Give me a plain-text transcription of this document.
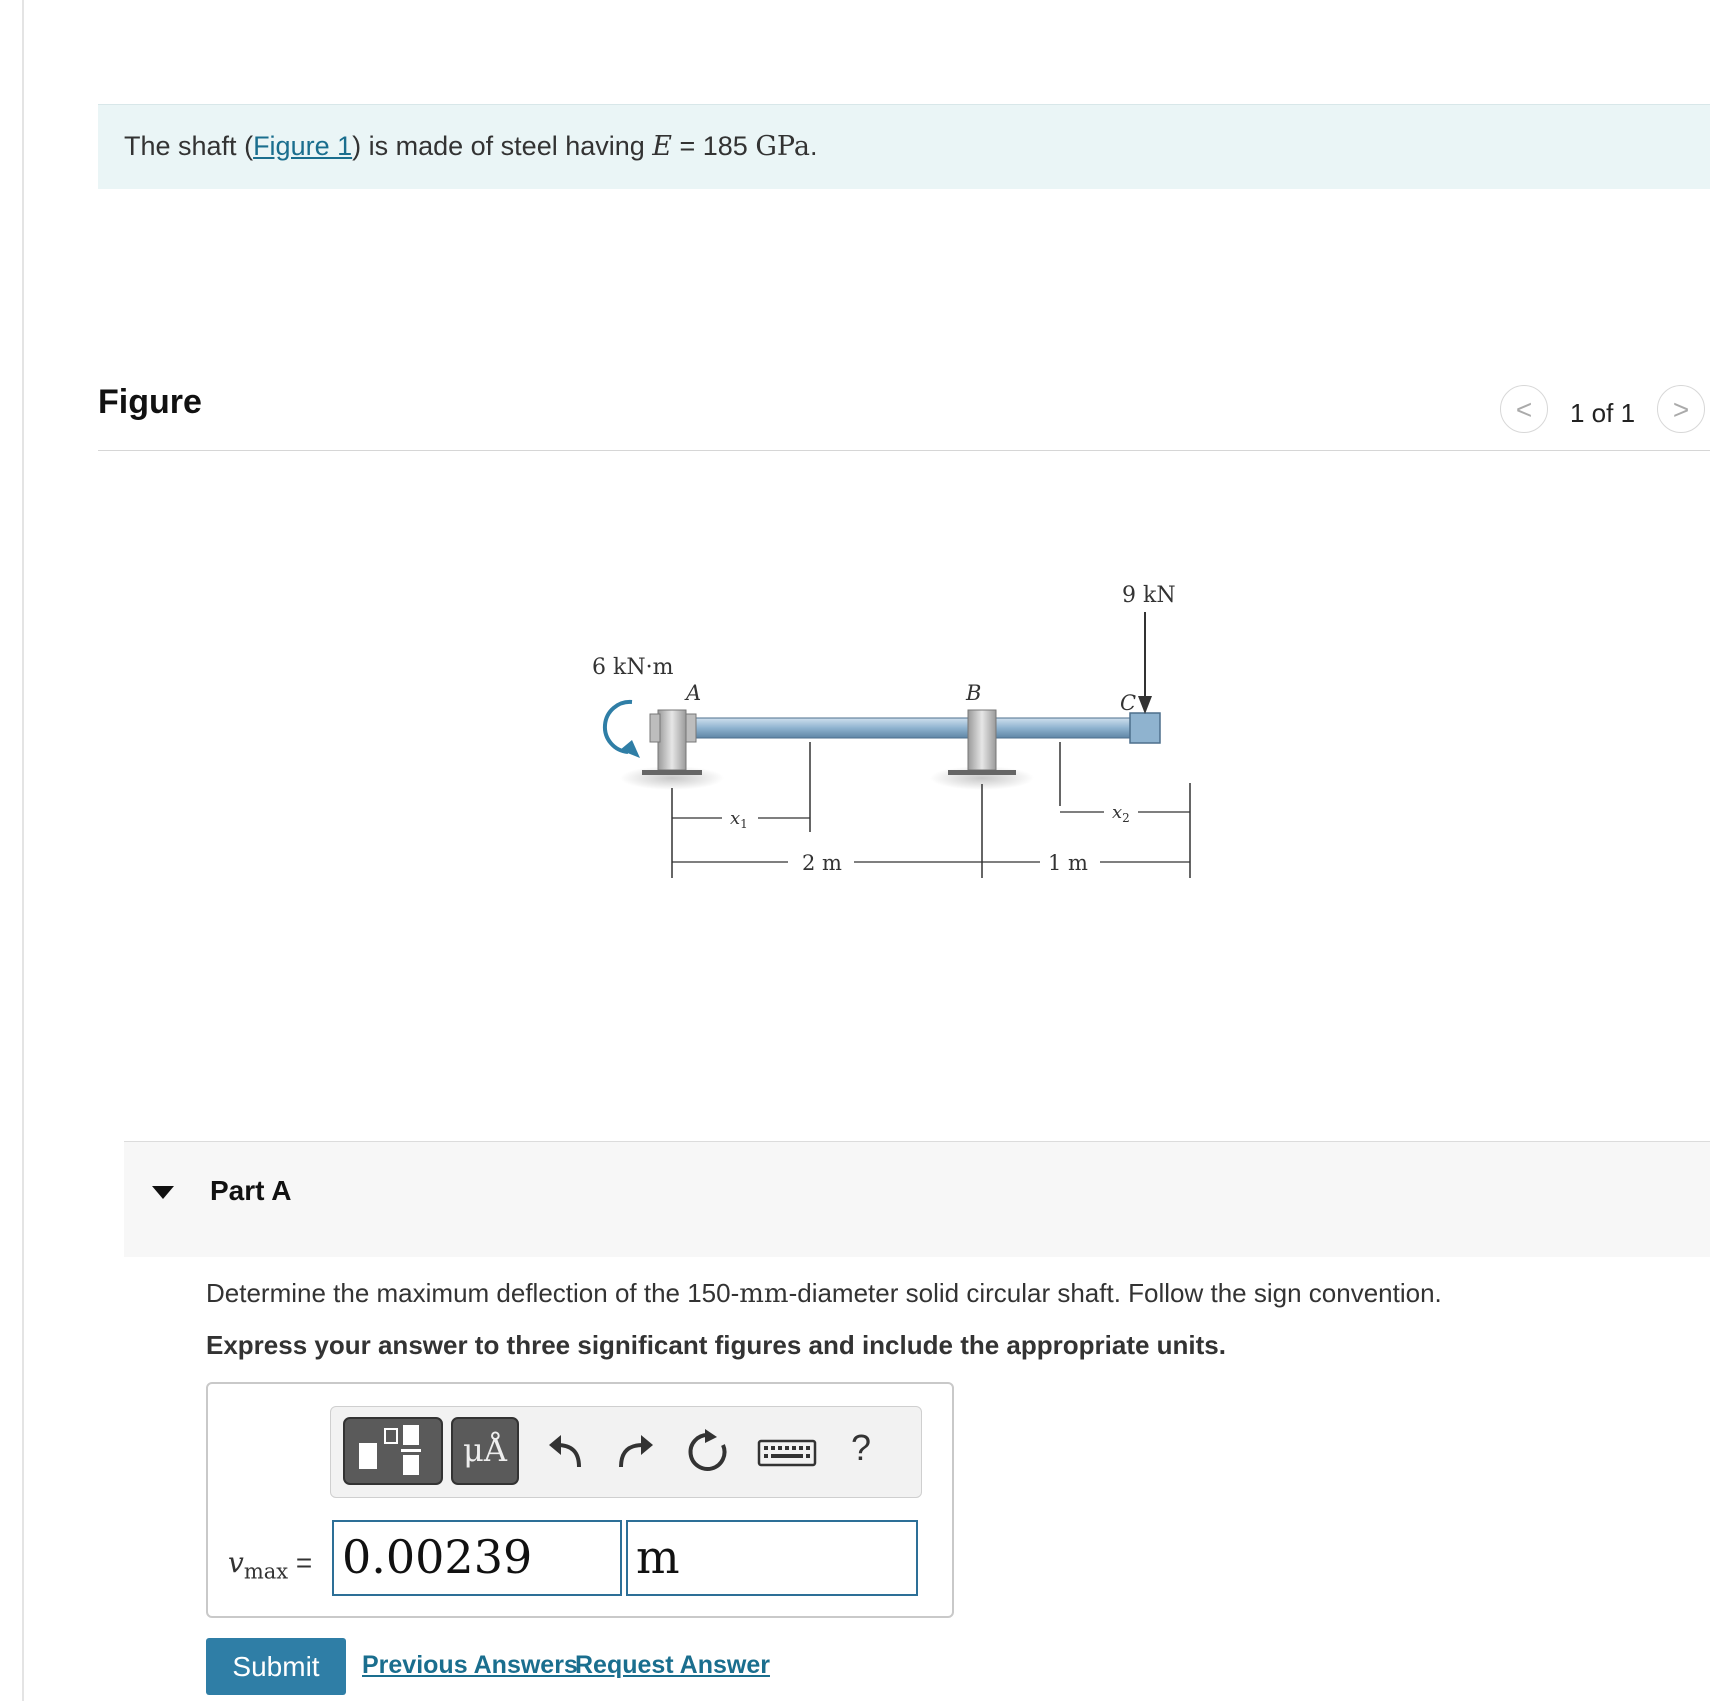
The shaft (Figure 1) is made of steel having E = 185 GPa.
Figure	<	1 of 1	>
6 kN·m
A	B	C
9 kN
$x_1$
$x_2$
2 m	1 m
Part A
Determine the maximum deflection of the 150-mm-diameter solid circular shaft. Follow the sign convention.
Express your answer to three significant figures and include the appropriate units.
μÅ	?
$v_{max} = 0.00239$	m
Submit	Previous Answers
Request Answer
